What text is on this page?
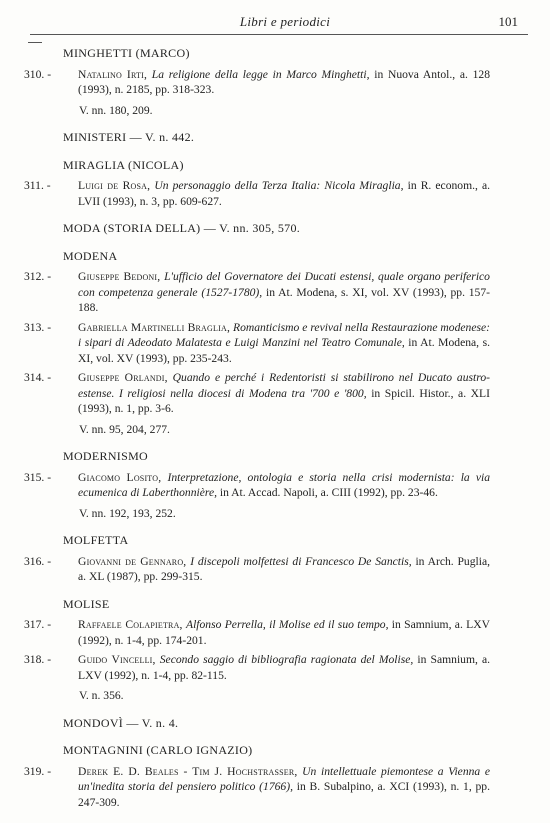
Libri e periodici	101
MINGHETTI (MARCO)
310. - Natalino Irti, La religione della legge in Marco Minghetti, in Nuova Antol., a. 128 (1993), n. 2185, pp. 318-323.
V. nn. 180, 209.
MINISTERI — V. n. 442.
MIRAGLIA (NICOLA)
311. - Luigi de Rosa, Un personaggio della Terza Italia: Nicola Miraglia, in R. econom., a. LVII (1993), n. 3, pp. 609-627.
MODA (STORIA DELLA) — V. nn. 305, 570.
MODENA
312. - Giuseppe Bedoni, L'ufficio del Governatore dei Ducati estensi, quale organo periferico con competenza generale (1527-1780), in At. Modena, s. XI, vol. XV (1993), pp. 157-188.
313. - Gabriella Martinelli Braglia, Romanticismo e revival nella Restaurazione modenese: i sipari di Adeodato Malatesta e Luigi Manzini nel Teatro Comunale, in At. Modena, s. XI, vol. XV (1993), pp. 235-243.
314. - Giuseppe Orlandi, Quando e perché i Redentoristi si stabilirono nel Ducato austro-estense. I religiosi nella diocesi di Modena tra '700 e '800, in Spicil. Histor., a. XLI (1993), n. 1, pp. 3-6.
V. nn. 95, 204, 277.
MODERNISMO
315. - Giacomo Losito, Interpretazione, ontologia e storia nella crisi modernista: la via ecumenica di Laberthonnière, in At. Accad. Napoli, a. CIII (1992), pp. 23-46.
V. nn. 192, 193, 252.
MOLFETTA
316. - Giovanni de Gennaro, I discepoli molfettesi di Francesco De Sanctis, in Arch. Puglia, a. XL (1987), pp. 299-315.
MOLISE
317. - Raffaele Colapietra, Alfonso Perrella, il Molise ed il suo tempo, in Samnium, a. LXV (1992), n. 1-4, pp. 174-201.
318. - Guido Vincelli, Secondo saggio di bibliografia ragionata del Molise, in Samnium, a. LXV (1992), n. 1-4, pp. 82-115.
V. n. 356.
MONDOVÌ — V. n. 4.
MONTAGNINI (CARLO IGNAZIO)
319. - Derek E. D. Beales - Tim J. Hochstrasser, Un intellettuale piemontese a Vienna e un'inedita storia del pensiero politico (1766), in B. Subalpino, a. XCI (1993), n. 1, pp. 247-309.
